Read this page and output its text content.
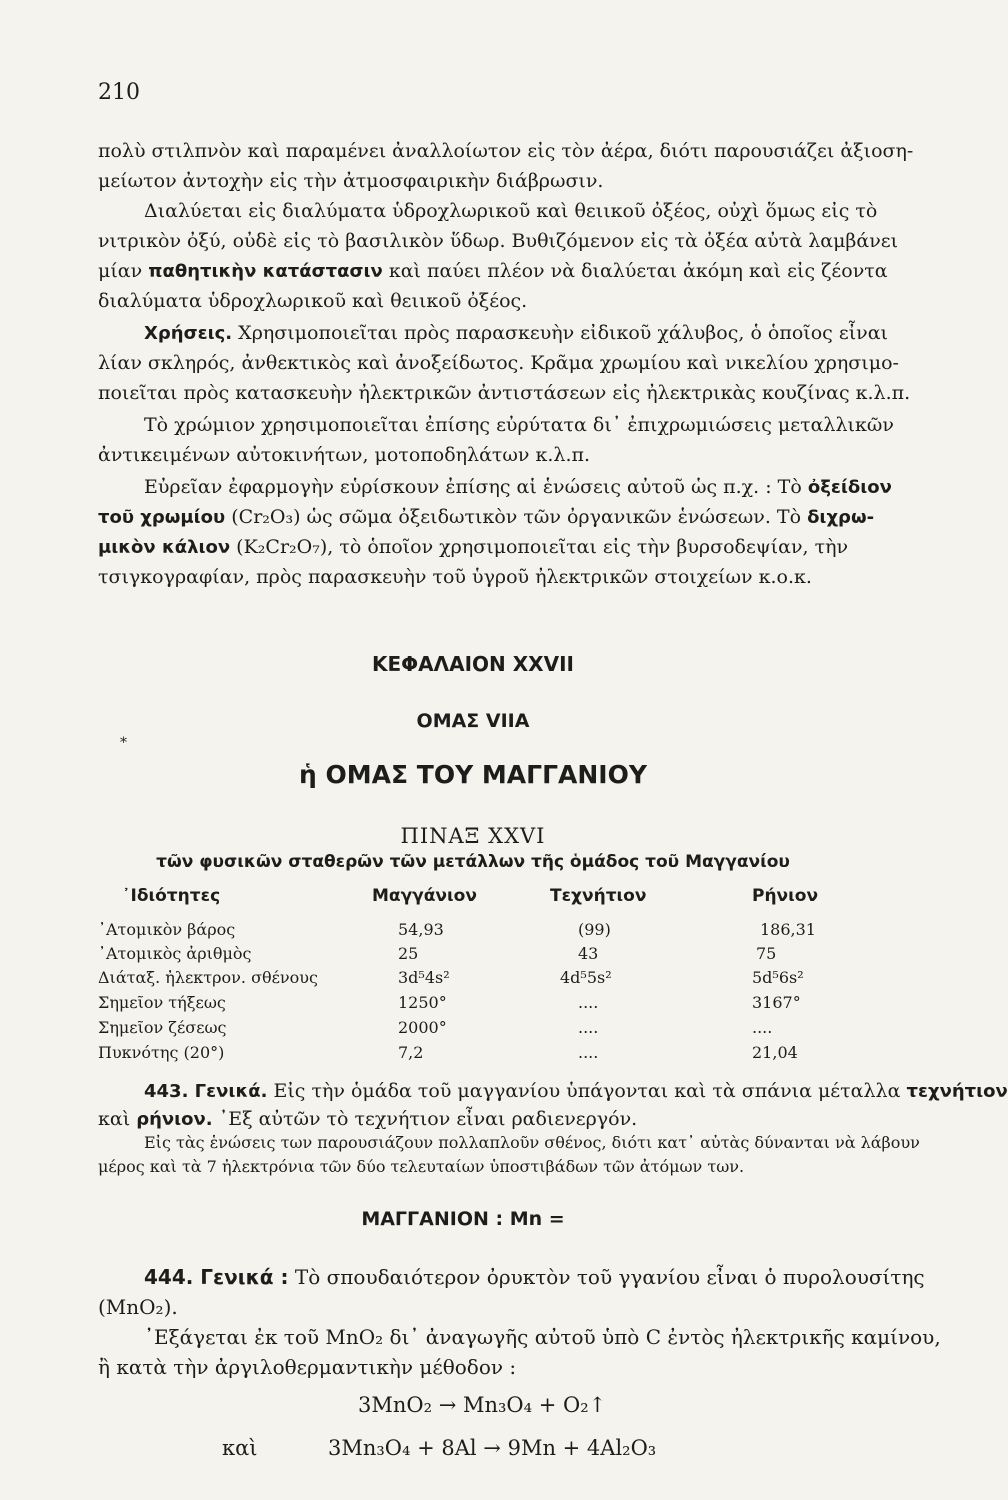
210
πολὺ στιλπνὸν καὶ παραμένει ἀναλλοίωτον εἰς τὸν ἀέρα, διότι παρουσιάζει ἀξιοση-
μείωτον ἀντοχὴν εἰς τὴν ἀτμοσφαιρικὴν διάβρωσιν.
Διαλύεται εἰς διαλύματα ὑδροχλωρικοῦ καὶ θειικοῦ ὀξέος, οὐχὶ ὅμως εἰς τὸ
νιτρικὸν ὀξύ, οὐδὲ εἰς τὸ βασιλικὸν ὕδωρ. Βυθιζόμενον εἰς τὰ ὀξέα αὐτὰ λαμβάνει
μίαν παθητικὴν κατάστασιν καὶ παύει πλέον νὰ διαλύεται ἀκόμη καὶ εἰς ζέοντα
διαλύματα ὑδροχλωρικοῦ καὶ θειικοῦ ὀξέος.
Χρήσεις. Χρησιμοποιεῖται πρὸς παρασκευὴν εἰδικοῦ χάλυβος, ὁ ὁποῖος εἶναι
λίαν σκληρός, ἀνθεκτικὸς καὶ ἀνοξείδωτος. Κρᾶμα χρωμίου καὶ νικελίου χρησιμο-
ποιεῖται πρὸς κατασκευὴν ἠλεκτρικῶν ἀντιστάσεων εἰς ἠλεκτρικὰς κουζίνας κ.λ.π.
Τὸ χρώμιον χρησιμοποιεῖται ἐπίσης εὐρύτατα δι᾽ ἐπιχρωμιώσεις μεταλλικῶν
ἀντικειμένων αὐτοκινήτων, μοτοποδηλάτων κ.λ.π.
Εὐρεῖαν ἐφαρμογὴν εὑρίσκουν ἐπίσης αἱ ἑνώσεις αὐτοῦ ὡς π.χ. : Τὸ ὀξείδιον
τοῦ χρωμίου (Cr₂O₃) ὡς σῶμα ὀξειδωτικὸν τῶν ὀργανικῶν ἑνώσεων. Τὸ διχρω-
μικὸν κάλιον (K₂Cr₂O₇), τὸ ὁποῖον χρησιμοποιεῖται εἰς τὴν βυρσοδεψίαν, τὴν
τσιγκογραφίαν, πρὸς παρασκευὴν τοῦ ὑγροῦ ἠλεκτρικῶν στοιχείων κ.ο.κ.
ΚΕΦΑΛΑΙΟΝ XXVII
ΟΜΑΣ VIIA
*
ἡ ΟΜΑΣ ΤΟΥ ΜΑΓΓΑΝΙΟΥ
ΠΙΝΑΞ XXVI
τῶν φυσικῶν σταθερῶν τῶν μετάλλων τῆς ὁμάδος τοῦ Μαγγανίου
᾿Ιδιότητες	Μαγγάνιον	Τεχνήτιον	Ρήνιον
᾿Ατομικὸν βάρος	54,93	(99)	186,31
᾿Ατομικὸς ἀριθμὸς	25	43	75
Διάταξ. ἠλεκτρον. σθένους	3d⁵4s²	4d⁵5s²	5d⁵6s²
Σημεῖον τήξεως	1250°	....	3167°
Σημεῖον ζέσεως	2000°	....	....
Πυκνότης (20°)	7,2	....	21,04
443. Γενικά. Εἰς τὴν ὁμάδα τοῦ μαγγανίου ὑπάγονται καὶ τὰ σπάνια μέταλλα τεχνήτιον
καὶ ρήνιον. ᾿Εξ αὐτῶν τὸ τεχνήτιον εἶναι ραδιενεργόν.
Εἰς τὰς ἑνώσεις των παρουσιάζουν πολλαπλοῦν σθένος, διότι κατ᾽ αὐτὰς δύνανται νὰ λάβουν
μέρος καὶ τὰ 7 ἠλεκτρόνια τῶν δύο τελευταίων ὑποστιβάδων τῶν ἀτόμων των.
ΜΑΓΓΑΝΙΟΝ : Mn =
444. Γενικά : Τὸ σπουδαιότερον ὀρυκτὸν τοῦ γγανίου εἶναι ὁ πυρολουσίτης
(MnO₂).
᾿Εξάγεται ἐκ τοῦ MnO₂ δι᾽ ἀναγωγῆς αὐτοῦ ὑπὸ C ἐντὸς ἠλεκτρικῆς καμίνου,
ἢ κατὰ τὴν ἀργιλοθερμαντικὴν μέθοδον :
3MnO₂ → Mn₃O₄ + O₂↑
καὶ	3Mn₃O₄ + 8Al → 9Mn + 4Al₂O₃
